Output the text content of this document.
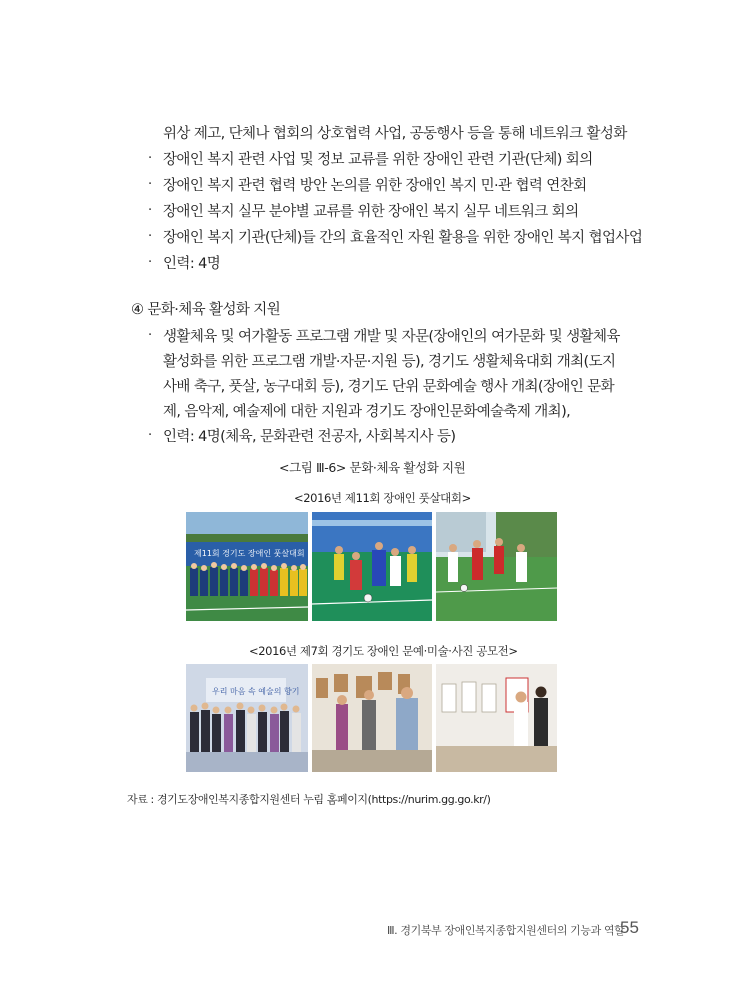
위상 제고, 단체나 협회의 상호협력 사업, 공동행사 등을 통해 네트워크 활성화
· 장애인 복지 관련 사업 및 정보 교류를 위한 장애인 관련 기관(단체) 회의
· 장애인 복지 관련 협력 방안 논의를 위한 장애인 복지 민·관 협력 연찬회
· 장애인 복지 실무 분야별 교류를 위한 장애인 복지 실무 네트워크 회의
· 장애인 복지 기관(단체)들 간의 효율적인 자원 활용을 위한 장애인 복지 협업사업
· 인력: 4명
④ 문화·체육 활성화 지원
· 생활체육 및 여가활동 프로그램 개발 및 자문(장애인의 여가문화 및 생활체육
활성화를 위한 프로그램 개발·자문·지원 등), 경기도 생활체육대회 개최(도지
사배 축구, 풋살, 농구대회 등), 경기도 단위 문화예술 행사 개최(장애인 문화
제, 음악제, 예술제에 대한 지원과 경기도 장애인문화예술축제 개최),
· 인력: 4명(체육, 문화관련 전공자, 사회복지사 등)
<그림 Ⅲ-6> 문화·체육 활성화 지원
<2016년 제11회 장애인 풋살대회>
제11회 경기도 장애인 풋살대회
<2016년 제7회 경기도 장애인 문예·미술·사진 공모전>
우리 마음 속 예술의 향기
자료 : 경기도장애인복지종합지원센터 누림 홈페이지(https://nurim.gg.go.kr/)
Ⅲ. 경기북부 장애인복지종합지원센터의 기능과 역할
55
